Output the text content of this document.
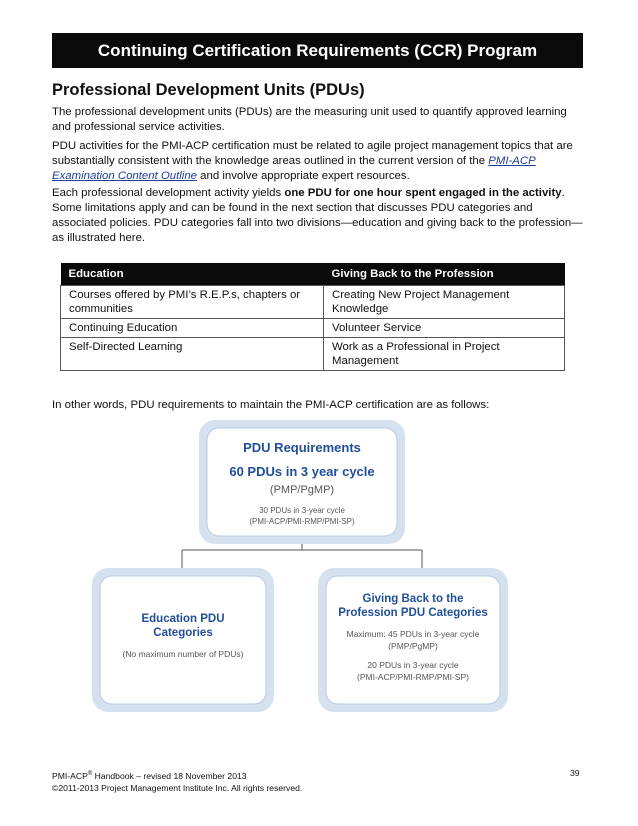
Continuing Certification Requirements (CCR) Program
Professional Development Units (PDUs)
The professional development units (PDUs) are the measuring unit used to quantify approved learning and professional service activities.
PDU activities for the PMI-ACP certification must be related to agile project management topics that are substantially consistent with the knowledge areas outlined in the current version of the PMI-ACP Examination Content Outline and involve appropriate expert resources.
Each professional development activity yields one PDU for one hour spent engaged in the activity. Some limitations apply and can be found in the next section that discusses PDU categories and associated policies. PDU categories fall into two divisions—education and giving back to the profession—as illustrated here.
Education	Giving Back to the Profession
Courses offered by PMI’s R.E.P.s, chapters or communities	Creating New Project Management Knowledge
Continuing Education	Volunteer Service
Self-Directed Learning	Work as a Professional in Project Management
In other words, PDU requirements to maintain the PMI-ACP certification are as follows:
PDU Requirements
60 PDUs in 3 year cycle
(PMP/PgMP)
30 PDUs in 3-year cycle
(PMI-ACP/PMI-RMP/PMI-SP)
Education PDU
Categories
(No maximum number of PDUs)
Giving Back to the
Profession PDU Categories
Maximum: 45 PDUs in 3-year cycle
(PMP/PgMP)
20 PDUs in 3-year cycle
(PMI-ACP/PMI-RMP/PMI-SP)
PMI-ACP® Handbook – revised 18 November 2013
©2011-2013 Project Management Institute Inc. All rights reserved.
39
